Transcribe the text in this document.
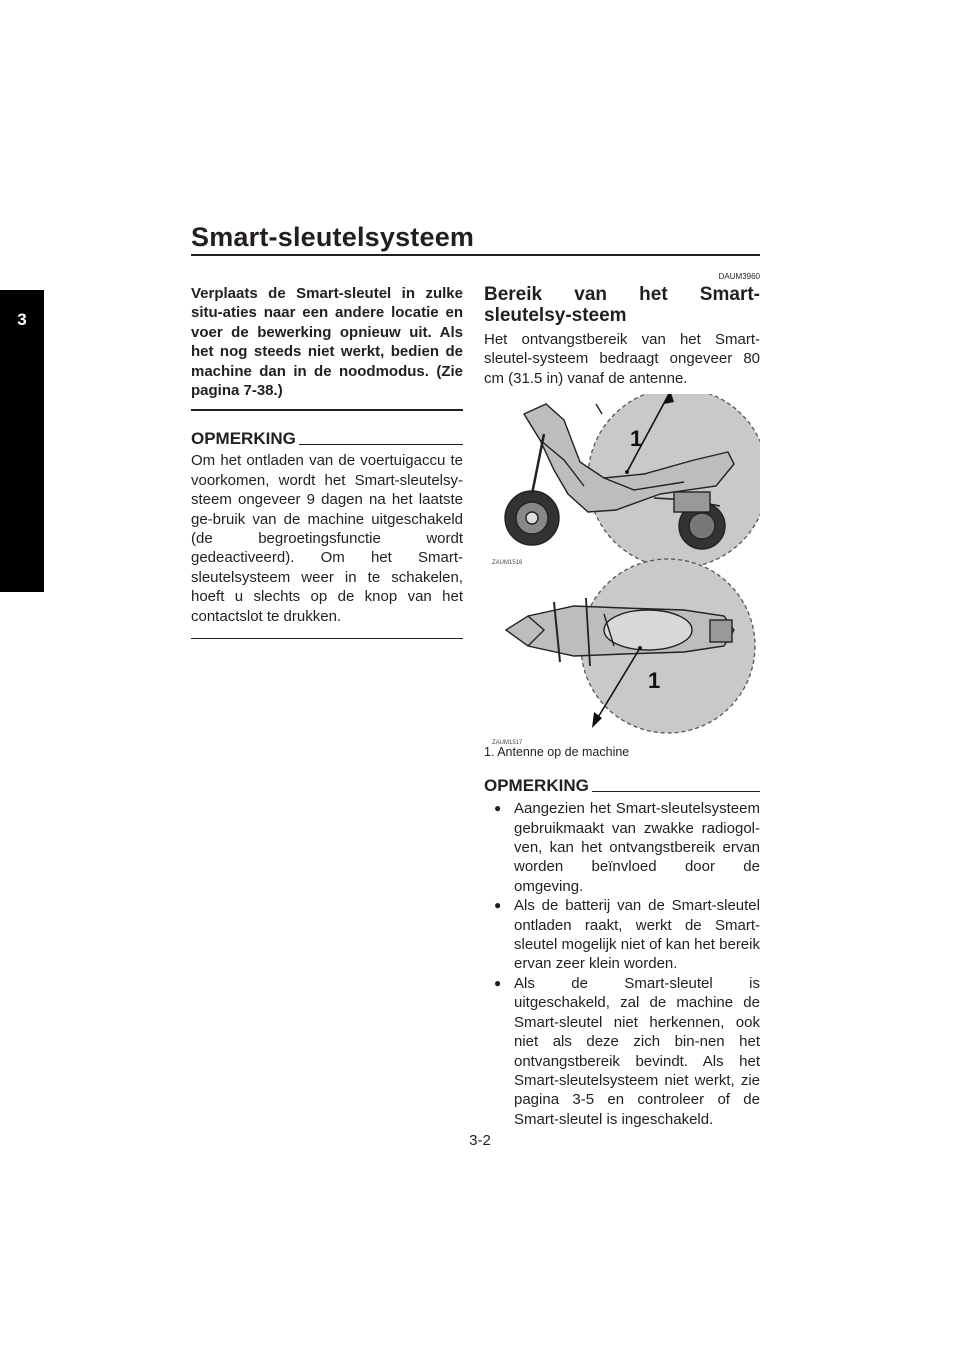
Smart-sleutelsysteem
3

Verplaats de Smart-sleutel in zulke situ-aties naar een andere locatie en voer de bewerking opnieuw uit. Als het nog steeds niet werkt, bedien de machine dan in de noodmodus. (Zie pagina 7-38.)

OPMERKING

Om het ontladen van de voertuigaccu te voorkomen, wordt het Smart-sleutelsy-steem ongeveer 9 dagen na het laatste ge-bruik van de machine uitgeschakeld (de begroetingsfunctie wordt gedeactiveerd). Om het Smart-sleutelsysteem weer in te schakelen, hoeft u slechts op de knop van het contactslot te drukken.

DAUM3960
Bereik van het Smart-sleutelsy-steem

Het ontvangstbereik van het Smart-sleutel-systeem bedraagt ongeveer 80 cm (31.5 in) vanaf de antenne.

1
1
ZAUM1516
ZAUM1517
1. Antenne op de machine
OPMERKING
● Aangezien het Smart-sleutelsysteem gebruikmaakt van zwakke radiogol-ven, kan het ontvangstbereik ervan worden beïnvloed door de omgeving.
● Als de batterij van de Smart-sleutel ontladen raakt, werkt de Smart-sleutel mogelijk niet of kan het bereik ervan zeer klein worden.
● Als de Smart-sleutel is uitgeschakeld, zal de machine de Smart-sleutel niet herkennen, ook niet als deze zich bin-nen het ontvangstbereik bevindt. Als het Smart-sleutelsysteem niet werkt, zie pagina 3-5 en controleer of de Smart-sleutel is ingeschakeld.
3-2
